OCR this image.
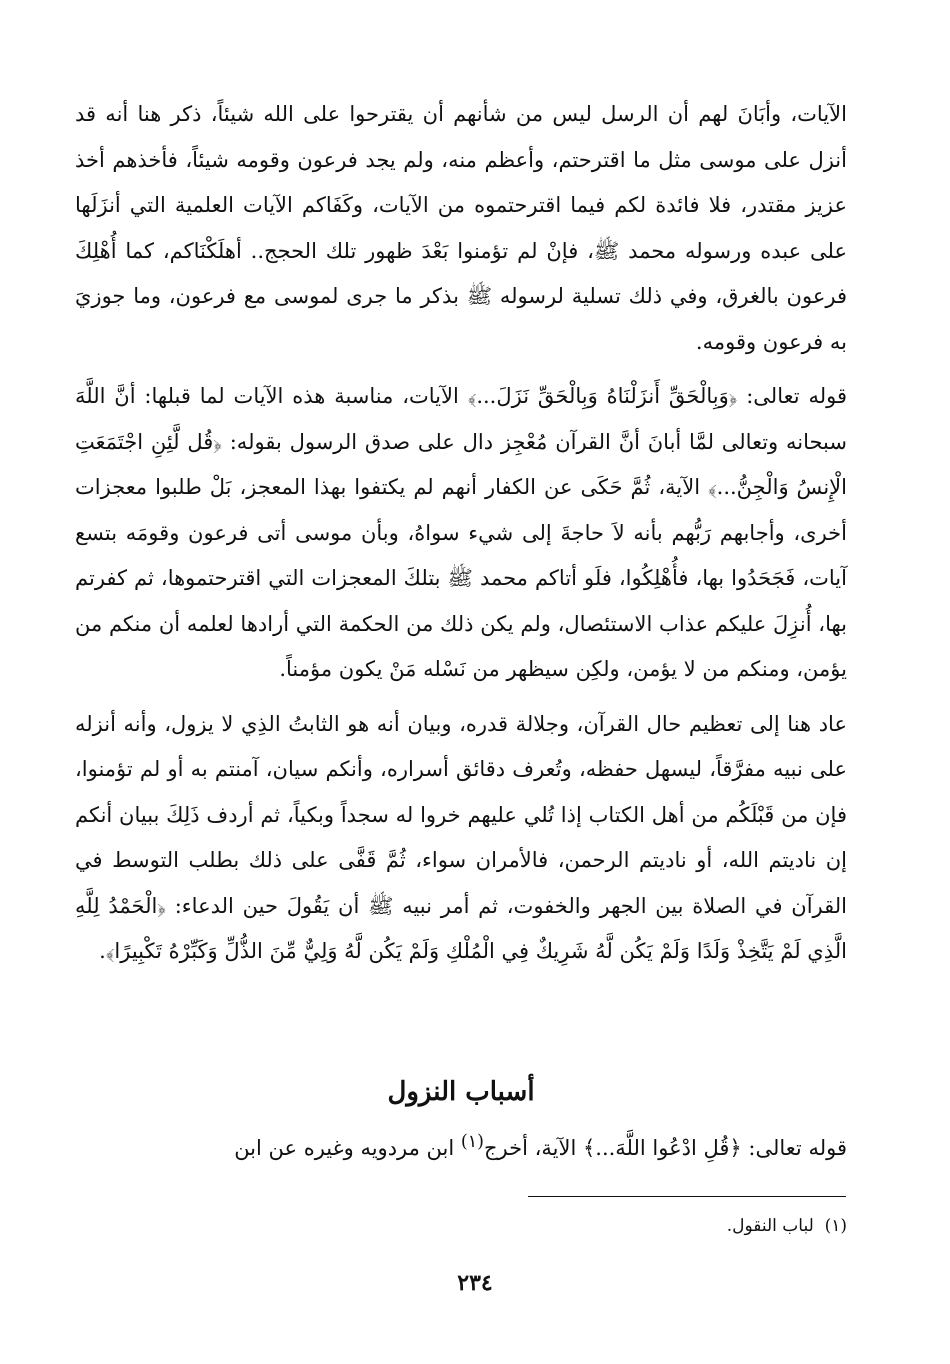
الآيات، وأبَانَ لهم أن الرسل ليس من شأنهم أن يقترحوا على الله شيئاً، ذكر هنا أنه قد أنزل على موسى مثل ما اقترحتم، وأعظم منه، ولم يجد فرعون وقومه شيئاً، فأخذهم أخذ عزيز مقتدر، فلا فائدة لكم فيما اقترحتموه من الآيات، وكَفَاكم الآيات العلمية التي أنزَلَها على عبده ورسوله محمد ﷺ، فإنْ لم تؤمنوا بَعْدَ ظهور تلك الحجج.. أهلَكْنَاكم، كما أُهْلِكَ فرعون بالغرق، وفي ذلك تسلية لرسوله ﷺ بذكر ما جرى لموسى مع فرعون، وما جوزيَ به فرعون وقومه.

قوله تعالى: ﴿وَبِالْحَقِّ أَنزَلْنَاهُ وَبِالْحَقِّ نَزَلَ...﴾ الآيات، مناسبة هذه الآيات لما قبلها: أنَّ اللَّهَ سبحانه وتعالى لمَّا أبانَ أنَّ القرآن مُعْجِز دال على صدق الرسول بقوله: ﴿قُل لَّئِنِ اجْتَمَعَتِ الْإِنسُ وَالْجِنُّ...﴾ الآية، ثُمَّ حَكَى عن الكفار أنهم لم يكتفوا بهذا المعجز، بَلْ طلبوا معجزات أخرى، وأجابهم رَبُّهم بأنه لاَ حاجةَ إلى شيء سواهُ، وبأن موسى أتى فرعون وقومَه بتسع آيات، فَجَحَدُوا بها، فأُهْلِكُوا، فلَو أتاكم محمد ﷺ بتلكَ المعجزات التي اقترحتموها، ثم كفرتم بها، أُنزِلَ عليكم عذاب الاستئصال، ولم يكن ذلك من الحكمة التي أرادها لعلمه أن منكم من يؤمن، ومنكم من لا يؤمن، ولكِن سيظهر من نَسْله مَنْ يكون مؤمناً.

عاد هنا إلى تعظيم حال القرآن، وجلالة قدره، وبيان أنه هو الثابتُ الذِي لا يزول، وأنه أنزله على نبيه مفرَّقاً، ليسهل حفظه، وتُعرف دقائق أسراره، وأنكم سيان، آمنتم به أو لم تؤمنوا، فإن من قَبْلَكُم من أهل الكتاب إذا تُلي عليهم خروا له سجداً وبكياً، ثم أردف ذَلِكَ ببيان أنكم إن ناديتم الله، أو ناديتم الرحمن، فالأمران سواء، ثُمَّ قَفَّى على ذلك بطلب التوسط في القرآن في الصلاة بين الجهر والخفوت، ثم أمر نبيه ﷺ أن يَقُولَ حين الدعاء: ﴿الْحَمْدُ لِلَّهِ الَّذِي لَمْ يَتَّخِذْ وَلَدًا وَلَمْ يَكُن لَّهُ شَرِيكٌ فِي الْمُلْكِ وَلَمْ يَكُن لَّهُ وَلِيٌّ مِّنَ الذُّلِّ وَكَبِّرْهُ تَكْبِيرًا﴾.

أسباب النزول

قوله تعالى: ﴿قُلِ ادْعُوا اللَّهَ...﴾ الآية، أخرج$^{(١)}$ ابن مردويه وغيره عن ابن

(١)  لباب النقول.

٢٣٤
